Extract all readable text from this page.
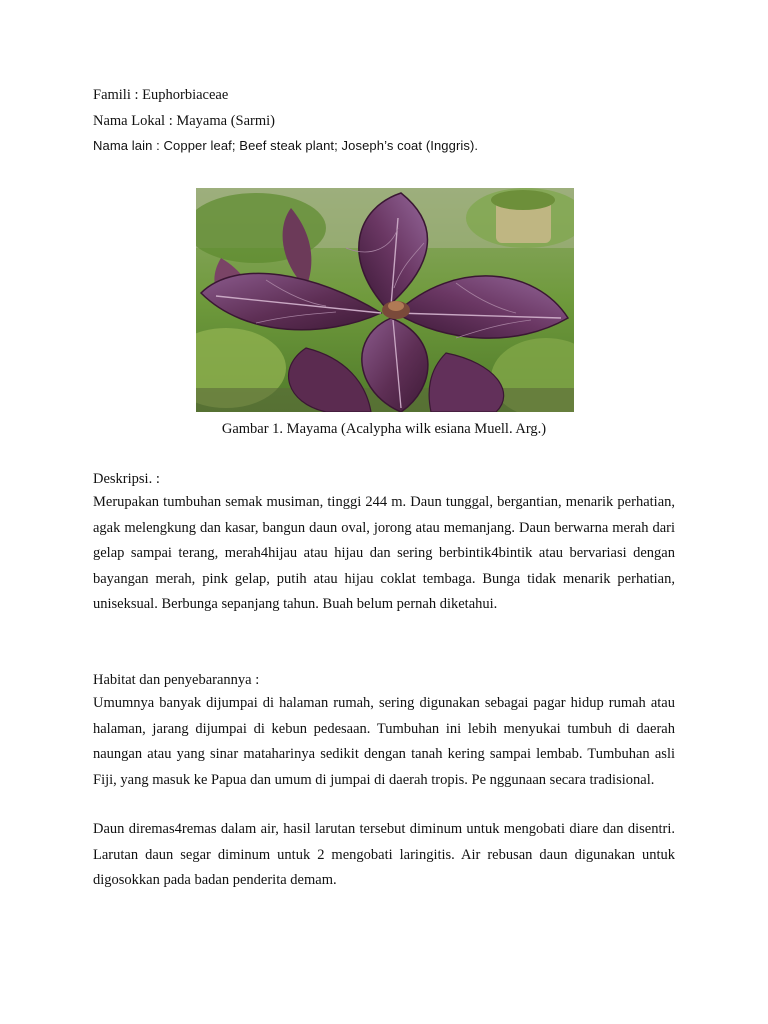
Famili : Euphorbiaceae
Nama Lokal : Mayama (Sarmi)
Nama lain : Copper leaf; Beef steak plant; Joseph’s coat (Inggris).
Gambar 1. Mayama (Acalypha wilk esiana Muell. Arg.)
Deskripsi. :
Merupakan tumbuhan semak musiman, tinggi 244 m. Daun tunggal, bergantian, menarik perhatian, agak melengkung dan kasar, bangun daun oval, jorong atau memanjang. Daun berwarna merah dari gelap sampai terang, merah4hijau atau hijau dan sering berbintik4bintik atau bervariasi dengan bayangan merah, pink gelap, putih atau hijau coklat tembaga. Bunga tidak menarik perhatian, uniseksual. Berbunga sepanjang tahun. Buah belum pernah diketahui.
Habitat dan penyebarannya :
Umumnya banyak dijumpai di halaman rumah, sering digunakan sebagai pagar hidup rumah atau halaman, jarang dijumpai di kebun pedesaan. Tumbuhan ini lebih menyukai tumbuh di daerah naungan atau yang sinar mataharinya sedikit dengan tanah kering sampai lembab. Tumbuhan asli Fiji, yang masuk ke Papua dan umum di jumpai di daerah tropis. Pe nggunaan secara tradisional.
Daun diremas4remas dalam air, hasil larutan tersebut diminum untuk mengobati diare dan disentri. Larutan daun segar diminum untuk 2 mengobati laringitis. Air rebusan daun digunakan untuk digosokkan pada badan penderita demam.
